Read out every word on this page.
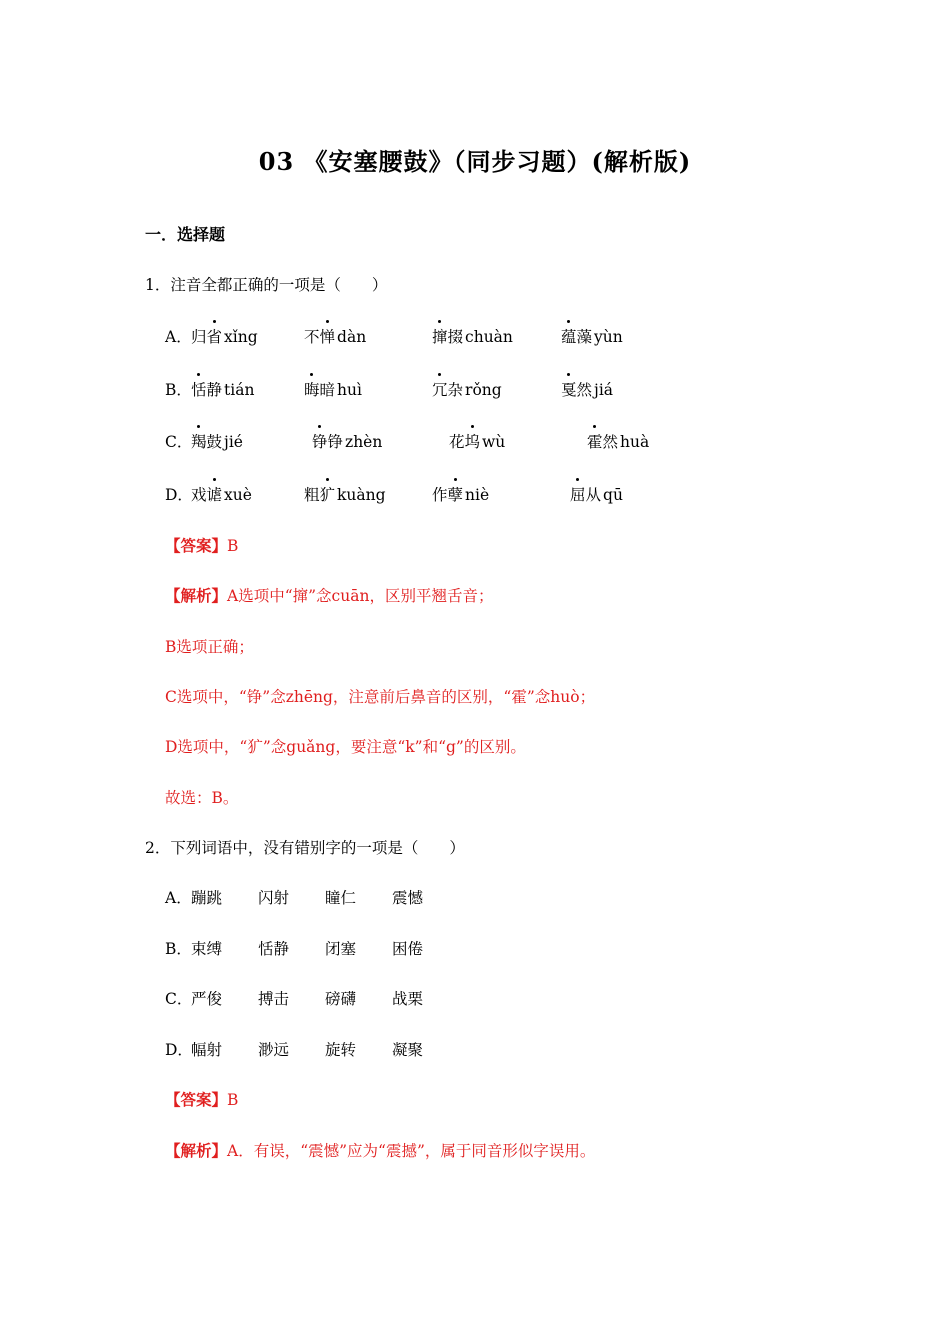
03 《安塞腰鼓》（同步习题）(解析版)
一．选择题
1．注音全都正确的一项是（　　）
A． 归省 xǐng	不惮 dàn	撺掇 chuàn	蕴藻 yùn
B． 恬静 tián	晦暗 huì	冗杂 rǒng	戛然 jiá
C．
羯鼓 jié	铮铮 zhèn	花坞 wù	霍然 huà
D．
戏谑 xuè	粗犷 kuàng	作孽 niè	屈从 qū
【答案】B
【解析】A选项中“撺”念cuān，区别平翘舌音；
B选项正确；
C选项中，“铮”念zhēng，注意前后鼻音的区别，“霍”念huò；
D选项中，“犷”念guǎng，要注意“k”和“g”的区别。
故选：B。
2．下列词语中，没有错别字的一项是（　　）
A． 蹦跳 闪射 瞳仁 震憾
B． 束缚 恬静 闭塞 困倦
C．
严俊 搏击 磅礴 战栗
D．
幅射 渺远 旋转 凝聚
【答案】B
【解析】A．有误，“震憾”应为“震撼”，属于同音形似字误用。
